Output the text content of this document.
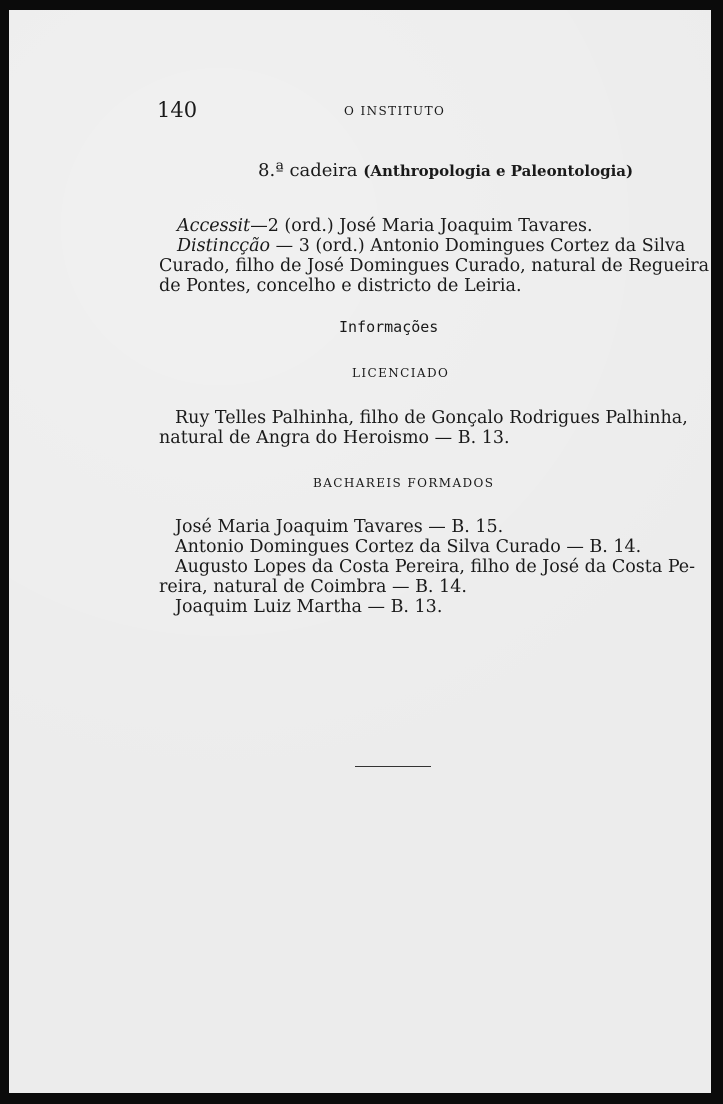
140	O INSTITUTO
8.ª cadeira (Anthropologia e Paleontologia)
Accessit—2 (ord.) José Maria Joaquim Tavares.
Distincção — 3 (ord.) Antonio Domingues Cortez da Silva
Curado, filho de José Domingues Curado, natural de Regueira
de Pontes, concelho e districto de Leiria.
Informações
LICENCIADO
Ruy Telles Palhinha, filho de Gonçalo Rodrigues Palhinha,
natural de Angra do Heroismo — B. 13.
BACHAREIS FORMADOS
José Maria Joaquim Tavares — B. 15.
Antonio Domingues Cortez da Silva Curado — B. 14.
Augusto Lopes da Costa Pereira, filho de José da Costa Pe-
reira, natural de Coimbra — B. 14.
Joaquim Luiz Martha — B. 13.
